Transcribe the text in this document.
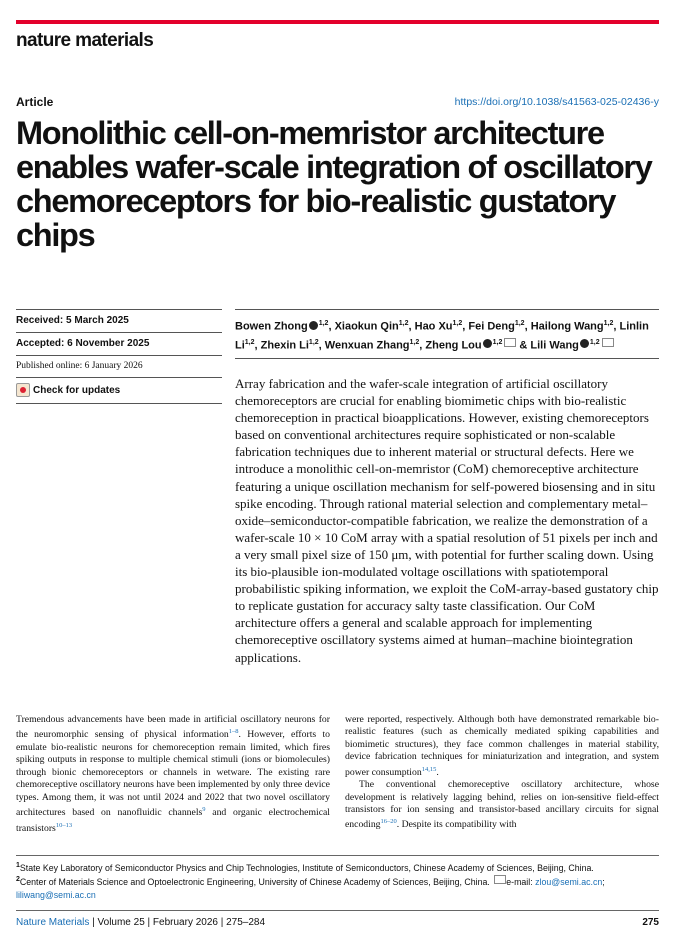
nature materials
Article	https://doi.org/10.1038/s41563-025-02436-y
Monolithic cell-on-memristor architecture enables wafer-scale integration of oscillatory chemoreceptors for bio-realistic gustatory chips
Received: 5 March 2025
Accepted: 6 November 2025
Published online: 6 January 2026
Check for updates
Bowen Zhong $^{1,2}$, Xiaokun Qin$^{1,2}$, Hao Xu$^{1,2}$, Fei Deng$^{1,2}$, Hailong Wang$^{1,2}$, Linlin Li$^{1,2}$, Zhexin Li$^{1,2}$, Wenxuan Zhang$^{1,2}$, Zheng Lou $^{1,2}$ & Lili Wang $^{1,2}$

Array fabrication and the wafer-scale integration of artificial oscillatory chemoreceptors are crucial for enabling biomimetic chips with bio-realistic chemoreception in practical bioapplications. However, existing chemoreceptors based on conventional architectures require sophisticated or non-scalable fabrication techniques due to inherent material or structural defects. Here we introduce a monolithic cell-on-memristor (CoM) chemoreceptive architecture featuring a unique oscillation mechanism for self-powered biosensing and in situ spike encoding. Through rational material selection and complementary metal–oxide–semiconductor-compatible fabrication, we realize the demonstration of a wafer-scale 10 × 10 CoM array with a spatial resolution of 51 pixels per inch and a very small pixel size of 150 μm, with potential for further scaling down. Using its bio-plausible ion-modulated voltage oscillations with spatiotemporal probabilistic spiking information, we exploit the CoM-array-based gustatory chip to replicate gustation for accuracy salty taste classification. Our CoM architecture offers a general and scalable approach for implementing chemoreceptive oscillatory systems aimed at human–machine biointegration applications.

Tremendous advancements have been made in artificial oscillatory neurons for the neuromorphic sensing of physical information$^{1-8}$. However, efforts to emulate bio-realistic neurons for chemoreception remain limited, which fires spiking outputs in response to multiple chemical stimuli (ions or biomolecules) through bionic chemoreceptors or channels in wetware. The existing rare chemoreceptive oscillatory neurons have been implemented by only three device types. Among them, it was not until 2024 and 2022 that two novel oscillatory architectures based on nanofluidic channels$^9$ and organic electrochemical transistors$^{10-13}$

were reported, respectively. Although both have demonstrated remarkable bio-realistic features (such as chemically mediated spiking capabilities and biomimetic structures), they face common challenges in material stability, device fabrication techniques for miniaturization and integration, and system power consumption$^{14,15}$.

The conventional chemoreceptive oscillatory architecture, whose development is relatively lagging behind, relies on ion-sensitive field-effect transistors for ion sensing and transistor-based ancillary circuits for signal encoding$^{16-20}$. Despite its compatibility with

$^1$State Key Laboratory of Semiconductor Physics and Chip Technologies, Institute of Semiconductors, Chinese Academy of Sciences, Beijing, China.
$^2$Center of Materials Science and Optoelectronic Engineering, University of Chinese Academy of Sciences, Beijing, China. e-mail: zlou@semi.ac.cn;
liliwang@semi.ac.cn
Nature Materials | Volume 25 | February 2026 | 275–284	275
